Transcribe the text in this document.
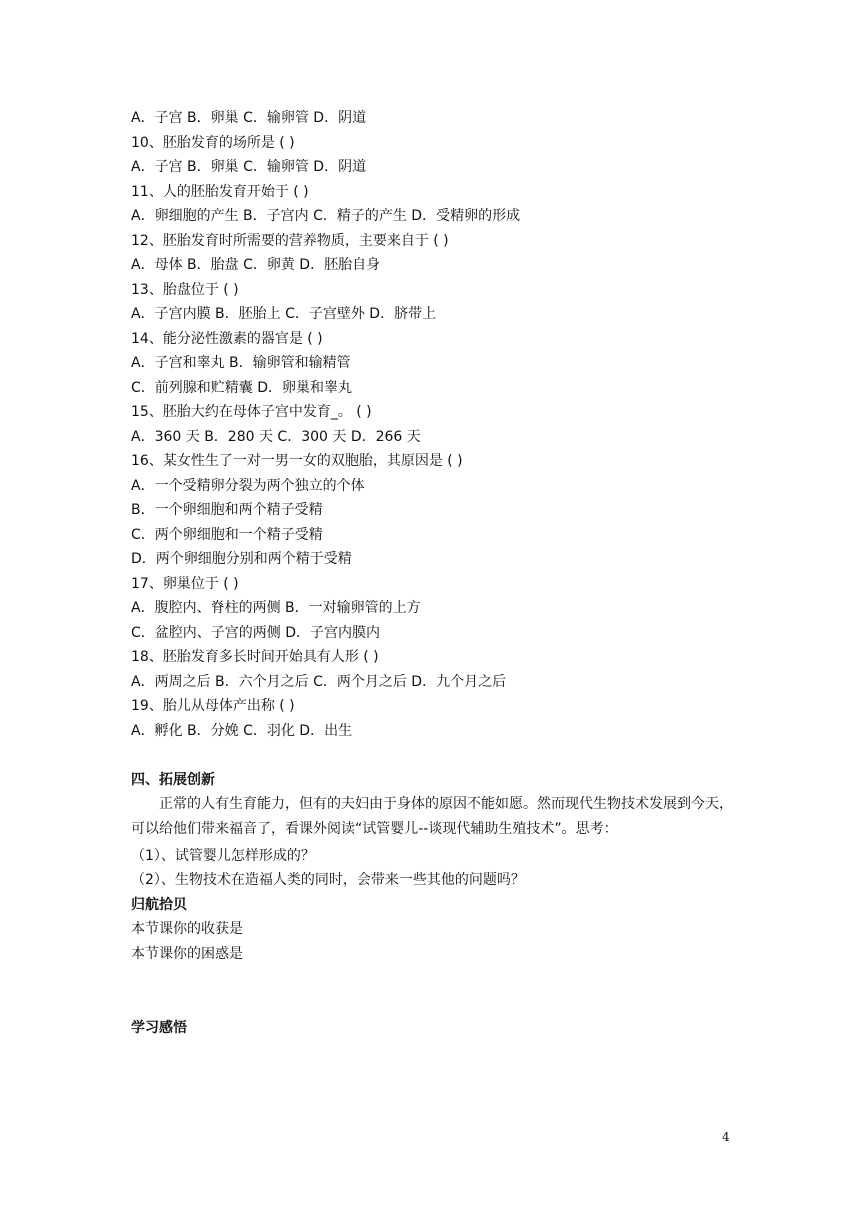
A．子宫 B．卵巢 C．输卵管 D．阴道
10、胚胎发育的场所是 ( )
A．子宫 B．卵巢 C．输卵管 D．阴道
11、人的胚胎发育开始于 ( )
A．卵细胞的产生 B．子宫内 C．精子的产生 D．受精卵的形成
12、胚胎发育时所需要的营养物质，主要来自于 ( )
A．母体 B．胎盘 C．卵黄 D．胚胎自身
13、胎盘位于 ( )
A．子宫内膜 B．胚胎上 C．子宫壁外 D．脐带上
14、能分泌性激素的器官是 ( )
A．子宫和睾丸 B．输卵管和输精管
C．前列腺和贮精囊 D．卵巢和睾丸
15、胚胎大约在母体子宫中发育_。 ( )
A．360 天 B．280 天 C．300 天 D．266 天
16、某女性生了一对一男一女的双胞胎，其原因是 ( )
A．一个受精卵分裂为两个独立的个体
B．一个卵细胞和两个精子受精
C．两个卵细胞和一个精子受精
D．两个卵细胞分别和两个精于受精
17、卵巢位于 ( )
A．腹腔内、脊柱的两侧 B．一对输卵管的上方
C．盆腔内、子宫的两侧 D．子宫内膜内
18、胚胎发育多长时间开始具有人形 ( )
A．两周之后 B．六个月之后 C．两个月之后 D．九个月之后
19、胎儿从母体产出称 ( )
A．孵化 B．分娩 C．羽化 D．出生
四、拓展创新
正常的人有生育能力，但有的夫妇由于身体的原因不能如愿。然而现代生物技术发展到今天，可以给他们带来福音了，看课外阅读“试管婴儿--谈现代辅助生殖技术”。思考：
（1）、试管婴儿怎样形成的？
（2）、生物技术在造福人类的同时，会带来一些其他的问题吗？
归航拾贝
本节课你的收获是
本节课你的困惑是
学习感悟
4
